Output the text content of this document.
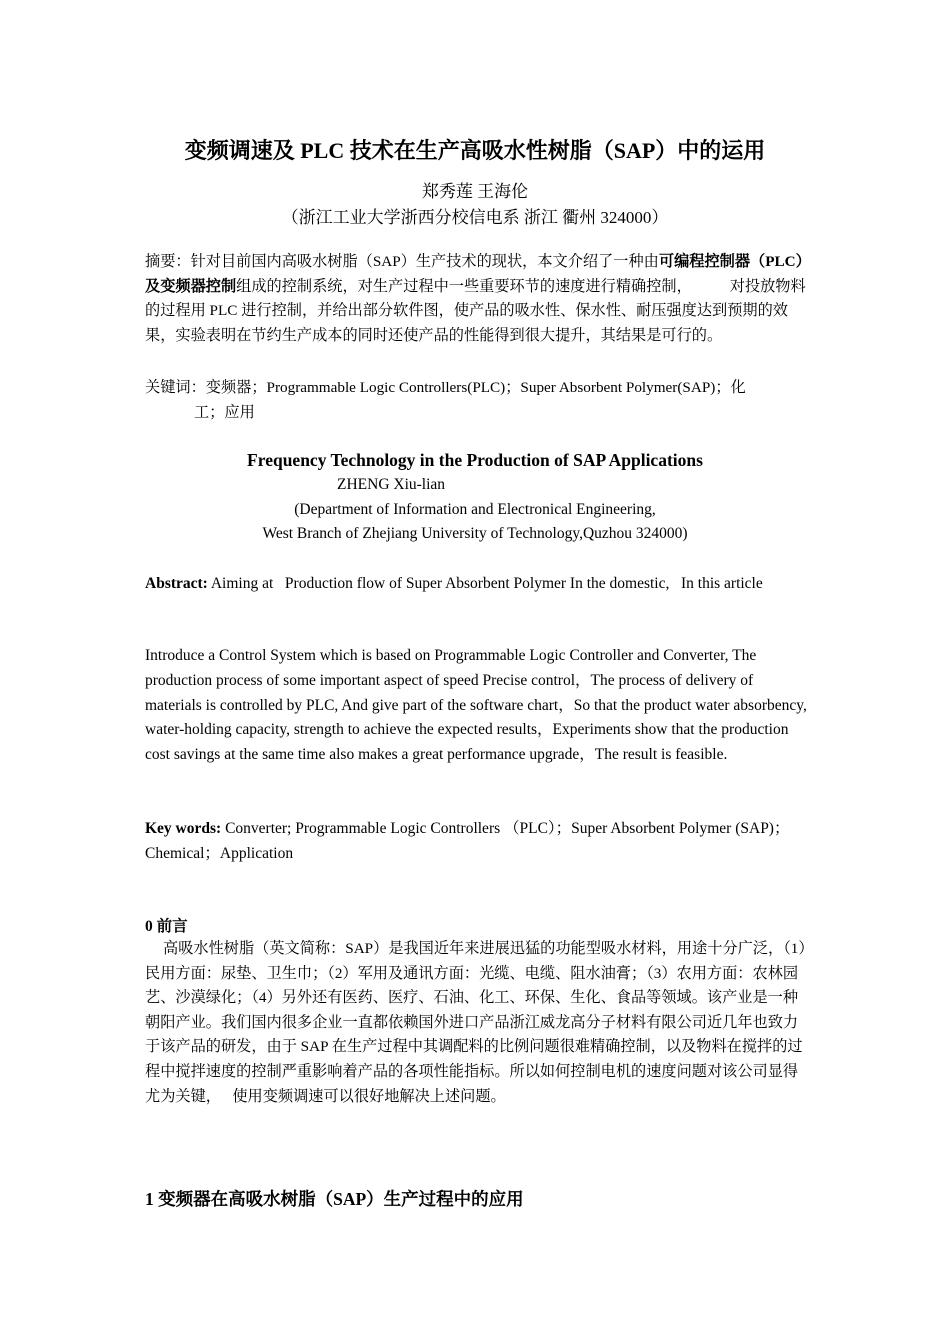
变频调速及 PLC 技术在生产高吸水性树脂（SAP）中的运用
郑秀莲 王海伦
（浙江工业大学浙西分校信电系 浙江 衢州 324000）
摘要：针对目前国内高吸水树脂（SAP）生产技术的现状，本文介绍了一种由可编程控制器（PLC）及变频器控制组成的控制系统，对生产过程中一些重要环节的速度进行精确控制，          对投放物料的过程用 PLC 进行控制，并给出部分软件图，使产品的吸水性、保水性、耐压强度达到预期的效果，实验表明在节约生产成本的同时还使产品的性能得到很大提升，其结果是可行的。
关键词：变频器；Programmable Logic Controllers(PLC)；Super Absorbent Polymer(SAP)；化
工；应用
Frequency Technology in the Production of SAP Applications
ZHENG Xiu-lian
(Department of Information and Electronical Engineering,
West Branch of Zhejiang University of Technology,Quzhou 324000)
Abstract: Aiming at   Production flow of Super Absorbent Polymer In the domestic,   In this article
Introduce a Control System which is based on Programmable Logic Controller and Converter, The production process of some important aspect of speed Precise control，The process of delivery of materials is controlled by PLC, And give part of the software chart，So that the product water absorbency, water-holding capacity, strength to achieve the expected results，Experiments show that the production cost savings at the same time also makes a great performance upgrade，The result is feasible.
Key words: Converter; Programmable Logic Controllers （PLC）；Super Absorbent Polymer (SAP)；Chemical；Application
0 前言
高吸水性树脂（英文简称：SAP）是我国近年来进展迅猛的功能型吸水材料，用途十分广泛，（1）民用方面：尿垫、卫生巾；（2）军用及通讯方面：光缆、电缆、阻水油膏；（3）农用方面：农林园艺、沙漠绿化；（4）另外还有医药、医疗、石油、化工、环保、生化、食品等领域。该产业是一种朝阳产业。我们国内很多企业一直都依赖国外进口产品浙江威龙高分子材料有限公司近几年也致力于该产品的研发，由于 SAP 在生产过程中其调配料的比例问题很难精确控制，以及物料在搅拌的过程中搅拌速度的控制严重影响着产品的各项性能指标。所以如何控制电机的速度问题对该公司显得尤为关键，   使用变频调速可以很好地解决上述问题。
1 变频器在高吸水树脂（SAP）生产过程中的应用
